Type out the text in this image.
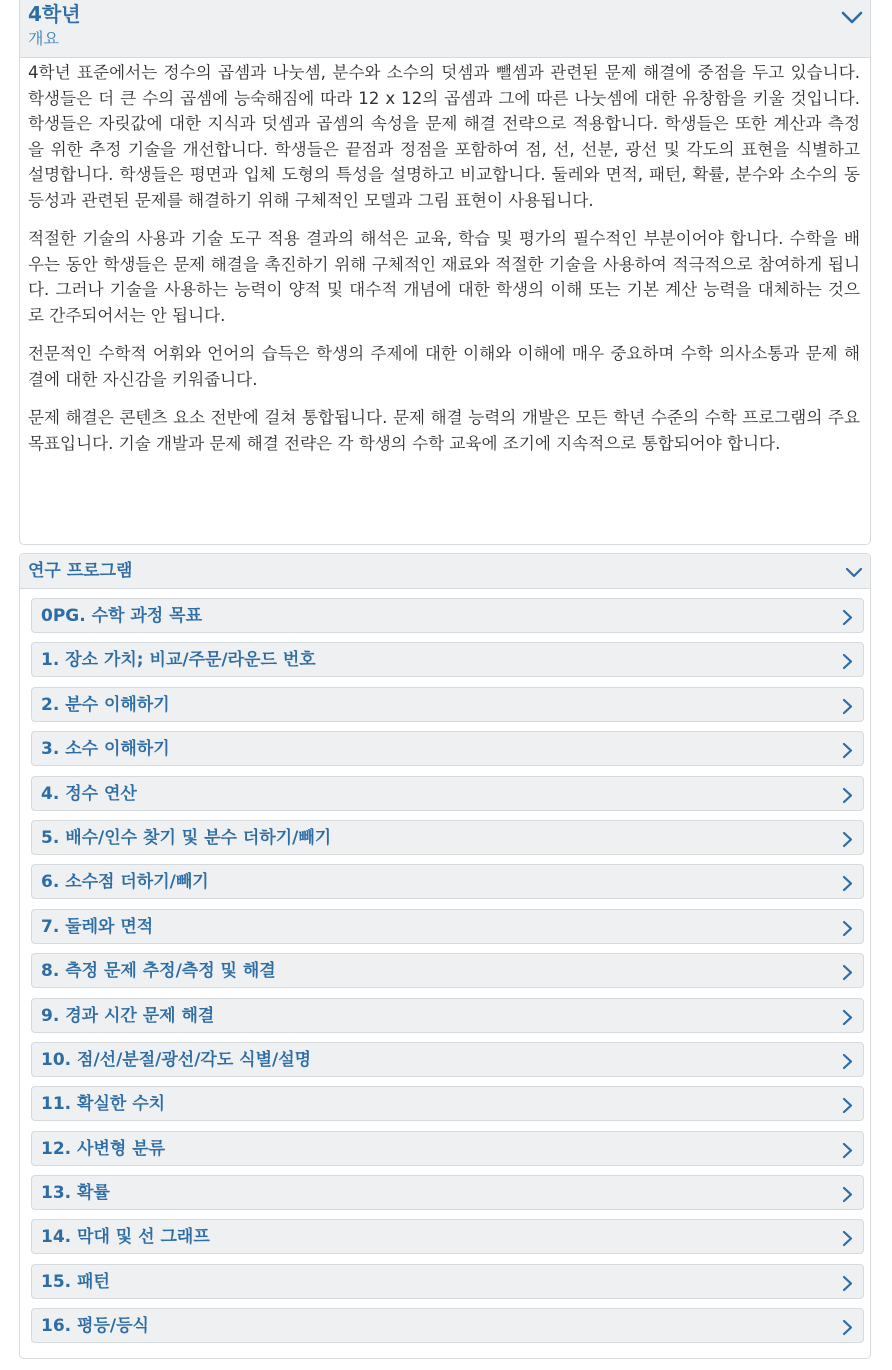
4학년
개요

4학년 표준에서는 정수의 곱셈과 나눗셈, 분수와 소수의 덧셈과 뺄셈과 관련된 문제 해결에 중점을 두고 있습니다. 학생들은 더 큰 수의 곱셈에 능숙해짐에 따라 12 x 12의 곱셈과 그에 따른 나눗셈에 대한 유창함을 키울 것입니다. 학생들은 자릿값에 대한 지식과 덧셈과 곱셈의 속성을 문제 해결 전략으로 적용합니다. 학생들은 또한 계산과 측정을 위한 추정 기술을 개선합니다. 학생들은 끝점과 정점을 포함하여 점, 선, 선분, 광선 및 각도의 표현을 식별하고 설명합니다. 학생들은 평면과 입체 도형의 특성을 설명하고 비교합니다. 둘레와 면적, 패턴, 확률, 분수와 소수의 동등성과 관련된 문제를 해결하기 위해 구체적인 모델과 그림 표현이 사용됩니다.

적절한 기술의 사용과 기술 도구 적용 결과의 해석은 교육, 학습 및 평가의 필수적인 부분이어야 합니다. 수학을 배우는 동안 학생들은 문제 해결을 촉진하기 위해 구체적인 재료와 적절한 기술을 사용하여 적극적으로 참여하게 됩니다. 그러나 기술을 사용하는 능력이 양적 및 대수적 개념에 대한 학생의 이해 또는 기본 계산 능력을 대체하는 것으로 간주되어서는 안 됩니다.

전문적인 수학적 어휘와 언어의 습득은 학생의 주제에 대한 이해와 이해에 매우 중요하며 수학 의사소통과 문제 해결에 대한 자신감을 키워줍니다.

문제 해결은 콘텐츠 요소 전반에 걸쳐 통합됩니다. 문제 해결 능력의 개발은 모든 학년 수준의 수학 프로그램의 주요 목표입니다. 기술 개발과 문제 해결 전략은 각 학생의 수학 교육에 조기에 지속적으로 통합되어야 합니다.

연구 프로그램
0PG. 수학 과정 목표
1. 장소 가치; 비교/주문/라운드 번호
2. 분수 이해하기
3. 소수 이해하기
4. 정수 연산
5. 배수/인수 찾기 및 분수 더하기/빼기
6. 소수점 더하기/빼기
7. 둘레와 면적
8. 측정 문제 추정/측정 및 해결
9. 경과 시간 문제 해결
10. 점/선/분절/광선/각도 식별/설명
11. 확실한 수치
12. 사변형 분류
13. 확률
14. 막대 및 선 그래프
15. 패턴
16. 평등/등식
